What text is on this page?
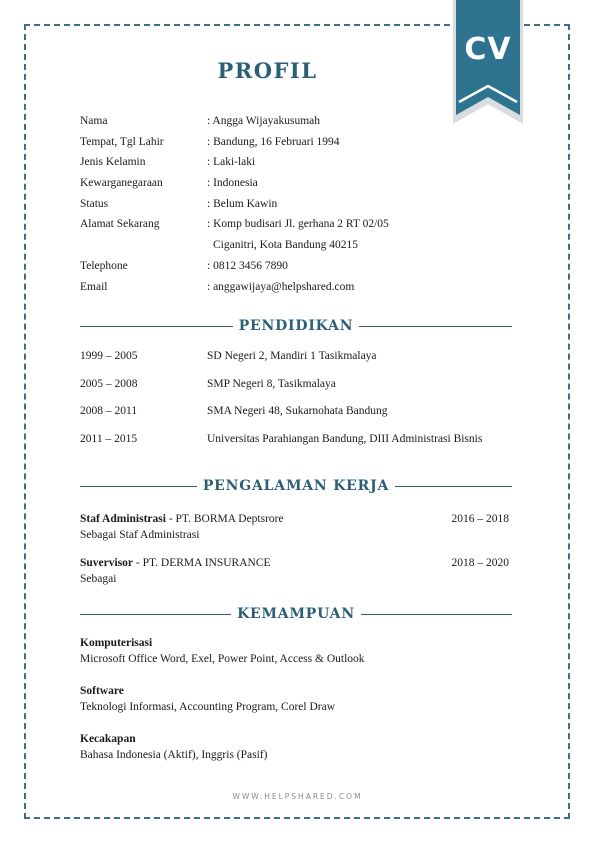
CV
PROFIL
Nama	: Angga Wijayakusumah
Tempat, Tgl Lahir	: Bandung, 16 Februari 1994
Jenis Kelamin	: Laki-laki
Kewarganegaraan	: Indonesia
Status	: Belum Kawin
Alamat Sekarang	: Komp budisari Jl. gerhana 2 RT 02/05
Ciganitri, Kota Bandung 40215
Telephone	: 0812 3456 7890
Email	: anggawijaya@helpshared.com
PENDIDIKAN
1999 – 2005	SD Negeri 2, Mandiri 1 Tasikmalaya
2005 – 2008	SMP Negeri 8, Tasikmalaya
2008 – 2011	SMA Negeri 48, Sukarnohata Bandung
2011 – 2015	Universitas Parahiangan Bandung, DIII Administrasi Bisnis
PENGALAMAN KERJA
Staf Administrasi - PT. BORMA Deptsrore	2016 – 2018
Sebagai Staf Administrasi
Suvervisor - PT. DERMA INSURANCE	2018 – 2020
Sebagai
KEMAMPUAN
Komputerisasi
Microsoft Office Word, Exel, Power Point, Access & Outlook
Software
Teknologi Informasi, Accounting Program, Corel Draw
Kecakapan
Bahasa Indonesia (Aktif), Inggris (Pasif)
WWW.HELPSHARED.COM
